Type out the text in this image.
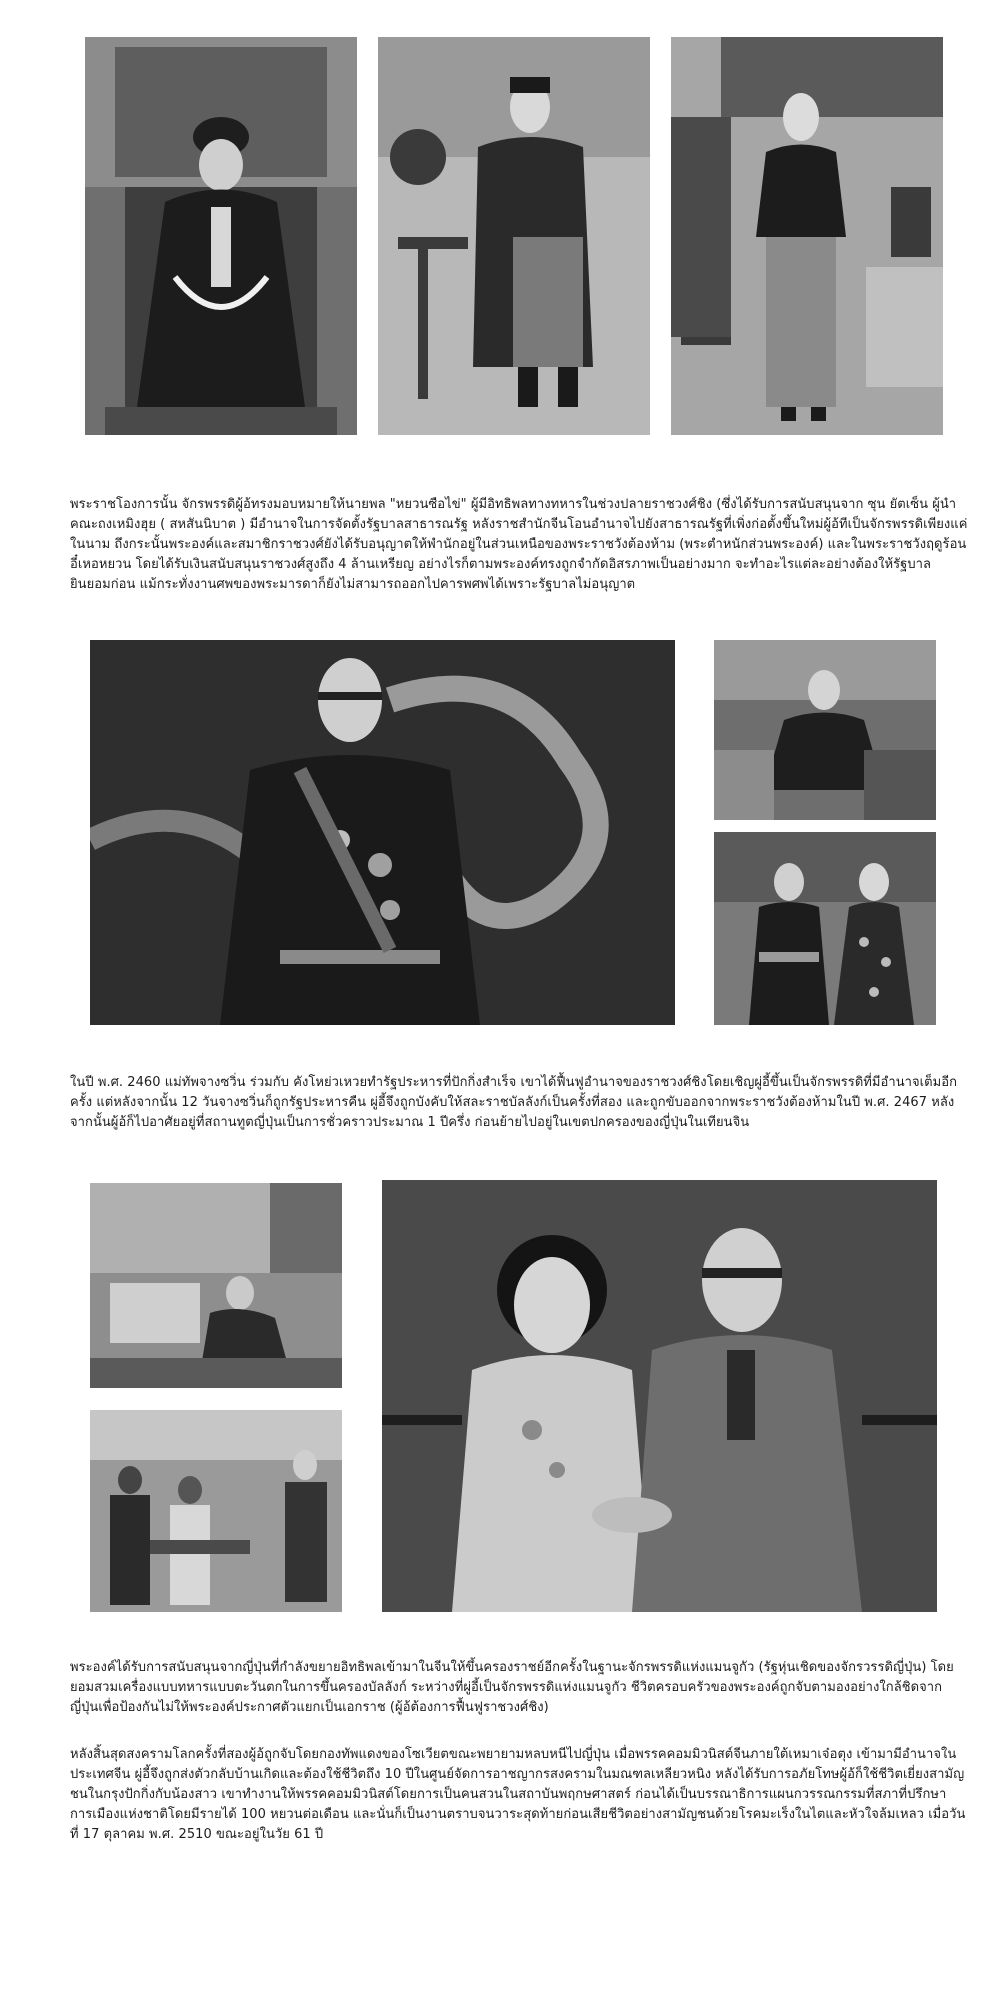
พระราชโองการนั้น จักรพรรดิผู้อ้ทรงมอบหมายให้นายพล "หยวนซือไข่" ผู้มีอิทธิพลทางทหารในช่วงปลายราชวงศ์ชิง (ซึ่งได้รับการสนับสนุนจาก ซุน ยัตเซ็น ผู้นำคณะถงเหมิงฮุย ( สหสันนิบาต ) มีอำนาจในการจัดตั้งรัฐบาลสาธารณรัฐ หลังราชสำนักจีนโอนอำนาจไปยังสาธารณรัฐที่เพิ่งก่อตั้งขึ้นใหม่ผู้อ้ทีเป็นจักรพรรดิเพียงแค่ในนาม ถึงกระนั้นพระองค์และสมาชิกราชวงศ์ยังได้รับอนุญาตให้พำนักอยู่ในส่วนเหนือของพระราชวังต้องห้าม (พระตำหนักส่วนพระองค์) และในพระราชวังฤดูร้อนอี๋เหอหยวน โดยได้รับเงินสนับสนุนราชวงศ์สูงถึง 4 ล้านเหรียญ อย่างไรก็ตามพระองค์ทรงถูกจำกัดอิสรภาพเป็นอย่างมาก จะทำอะไรแต่ละอย่างต้องให้รัฐบาลยินยอมก่อน แม้กระทั่งงานศพของพระมารดาก็ยังไม่สามารถออกไปคารพศพได้เพราะรัฐบาลไม่อนุญาต

ในปี พ.ศ. 2460 แม่ทัพจางซวิ่น ร่วมกับ คังโหย่วเหวยทำรัฐประหารที่ปักกิ่งสำเร็จ เขาได้ฟื้นฟูอำนาจของราชวงศ์ชิงโดยเชิญผู่อี้ขึ้นเป็นจักรพรรดิที่มีอำนาจเต็มอีกครั้ง แต่หลังจากนั้น 12 วันจางซวิ่นก็ถูกรัฐประหารคืน ผู่อี้จึงถูกบังคับให้สละราชบัลลังก์เป็นครั้งที่สอง และถูกขับออกจากพระราชวังต้องห้ามในปี พ.ศ. 2467 หลังจากนั้นผู้อ้ก็ไปอาศัยอยู่ที่สถานทูตญี่ปุ่นเป็นการชั่วคราวประมาณ 1 ปีครึ่ง ก่อนย้ายไปอยู่ในเขตปกครองของญี่ปุ่นในเทียนจิน

พระองค์ได้รับการสนับสนุนจากญี่ปุ่นที่กำลังขยายอิทธิพลเข้ามาในจีนให้ขึ้นครองราชย์อีกครั้งในฐานะจักรพรรดิแห่งแมนจูกัว (รัฐหุ่นเชิดของจักรวรรดิญี่ปุ่น) โดยยอมสวมเครื่องแบบทหารแบบตะวันตกในการขึ้นครองบัลลังก์ ระหว่างที่ผู่อี้เป็นจักรพรรดิแห่งแมนจูกัว ชีวิตครอบครัวของพระองค์ถูกจับตามองอย่างใกล้ชิดจากญี่ปุ่นเพื่อป้องกันไม่ให้พระองค์ประกาศตัวแยกเป็นเอกราช (ผู้อ้ต้องการฟื้นฟูราชวงศ์ชิง)

หลังสิ้นสุดสงครามโลกครั้งที่สองผู้อ้ถูกจับโดยกองทัพแดงของโซเวียตขณะพยายามหลบหนีไปญี่ปุ่น เมื่อพรรคคอมมิวนิสต์จีนภายใต้เหมาเจ๋อตุง เข้ามามีอำนาจในประเทศจีน ผู่อี้จึงถูกส่งตัวกลับบ้านเกิดและต้องใช้ชีวิตถึง 10 ปีในศูนย์จัดการอาชญากรสงครามในมณฑลเหลียวหนิง หลังได้รับการอภัยโทษผู้อ้ก็ใช้ชีวิตเยี่ยงสามัญชนในกรุงปักกิ่งกับน้องสาว เขาทำงานให้พรรคคอมมิวนิสต์โดยการเป็นคนสวนในสถาบันพฤกษศาสตร์ ก่อนได้เป็นบรรณาธิการแผนกวรรณกรรมที่สภาที่ปรึกษาการเมืองแห่งชาติโดยมีรายได้ 100 หยวนต่อเดือน และนั่นก็เป็นงานตราบจนวาระสุดท้ายก่อนเสียชีวิตอย่างสามัญชนด้วยโรคมะเร็งในไตและหัวใจล้มเหลว เมื่อวันที่ 17 ตุลาคม พ.ศ. 2510 ขณะอยู่ในวัย 61 ปี
